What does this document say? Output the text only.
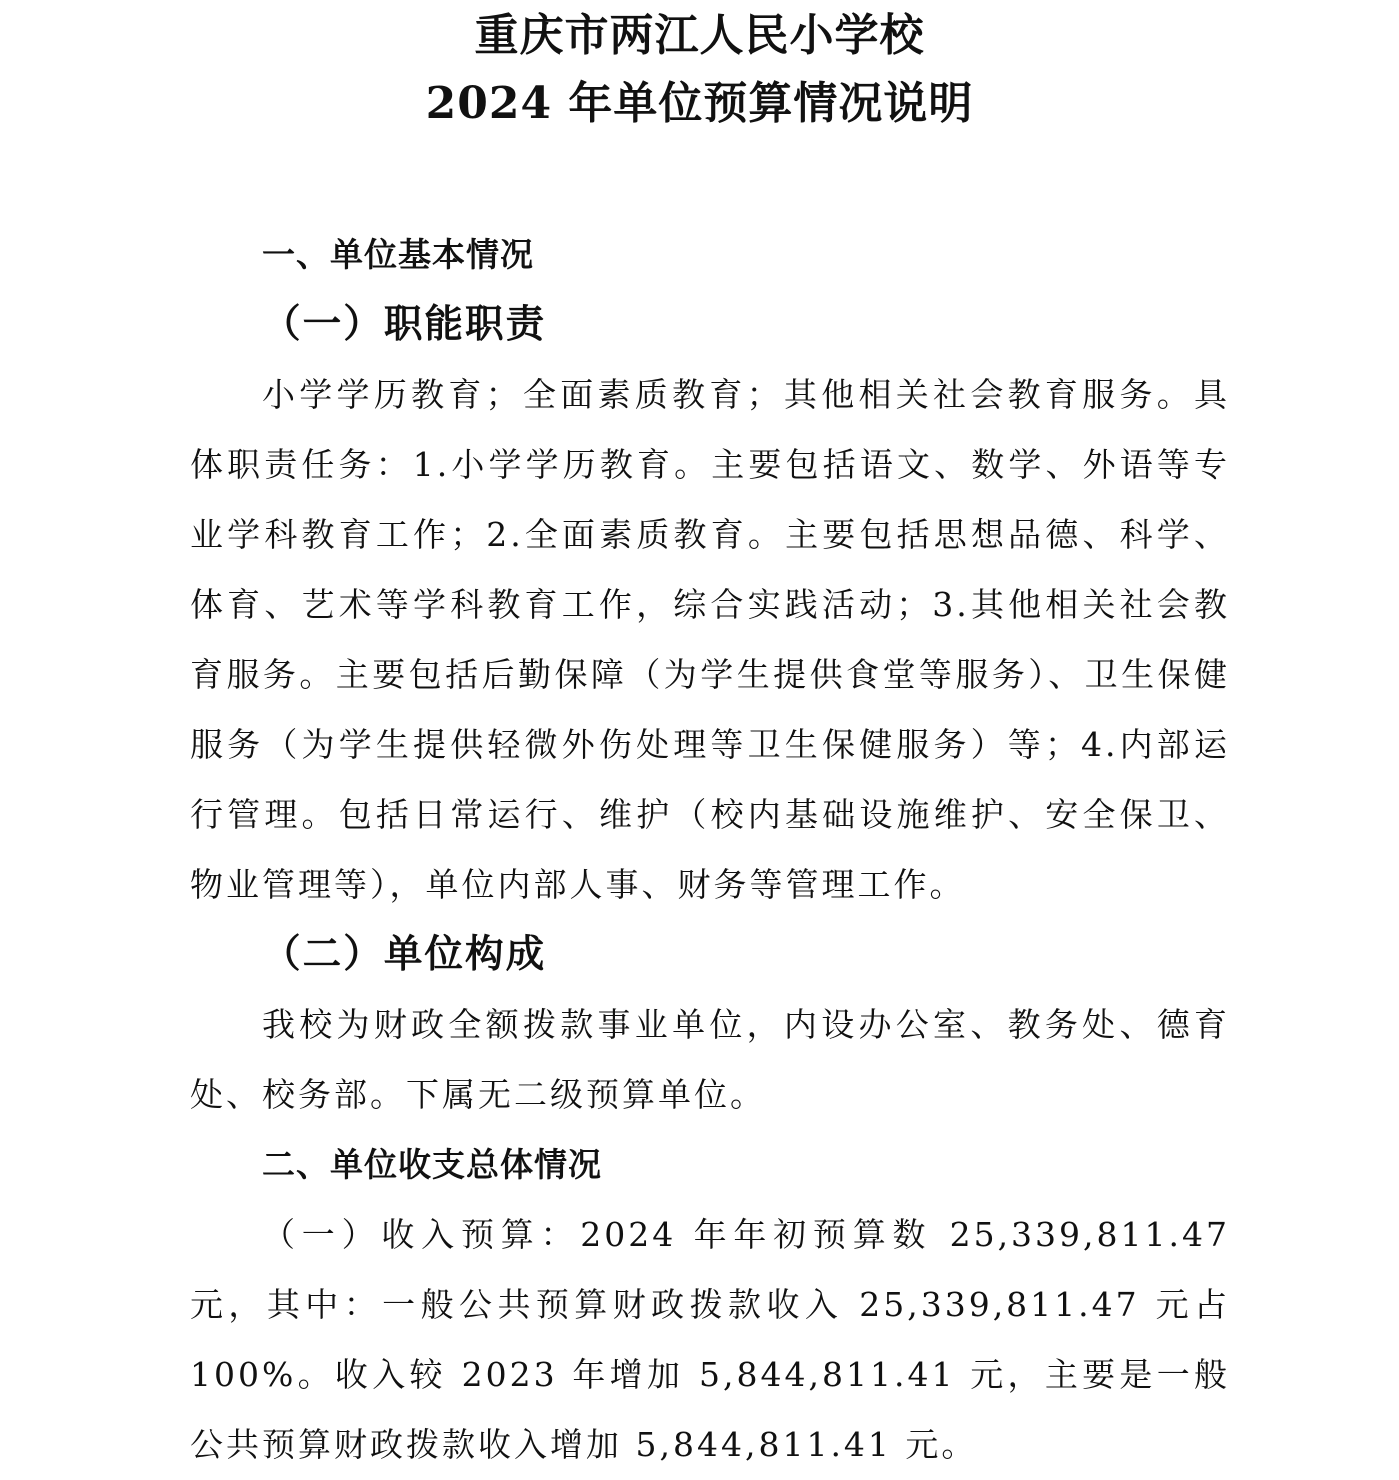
重庆市两江人民小学校
2024 年单位预算情况说明
一、单位基本情况
（一）职能职责

小学学历教育；全面素质教育；其他相关社会教育服务。具体职责任务：1.小学学历教育。主要包括语文、数学、外语等专业学科教育工作；2.全面素质教育。主要包括思想品德、科学、体育、艺术等学科教育工作，综合实践活动；3.其他相关社会教育服务。主要包括后勤保障（为学生提供食堂等服务）、卫生保健服务（为学生提供轻微外伤处理等卫生保健服务）等；4.内部运行管理。包括日常运行、维护（校内基础设施维护、安全保卫、物业管理等），单位内部人事、财务等管理工作。

（二）单位构成

我校为财政全额拨款事业单位，内设办公室、教务处、德育处、校务部。下属无二级预算单位。

二、单位收支总体情况

（一）收入预算：2024 年年初预算数 25,339,811.47 元，其中：一般公共预算财政拨款收入 25,339,811.47 元占 100%。收入较 2023 年增加 5,844,811.41 元，主要是一般公共预算财政拨款收入增加 5,844,811.41 元。
